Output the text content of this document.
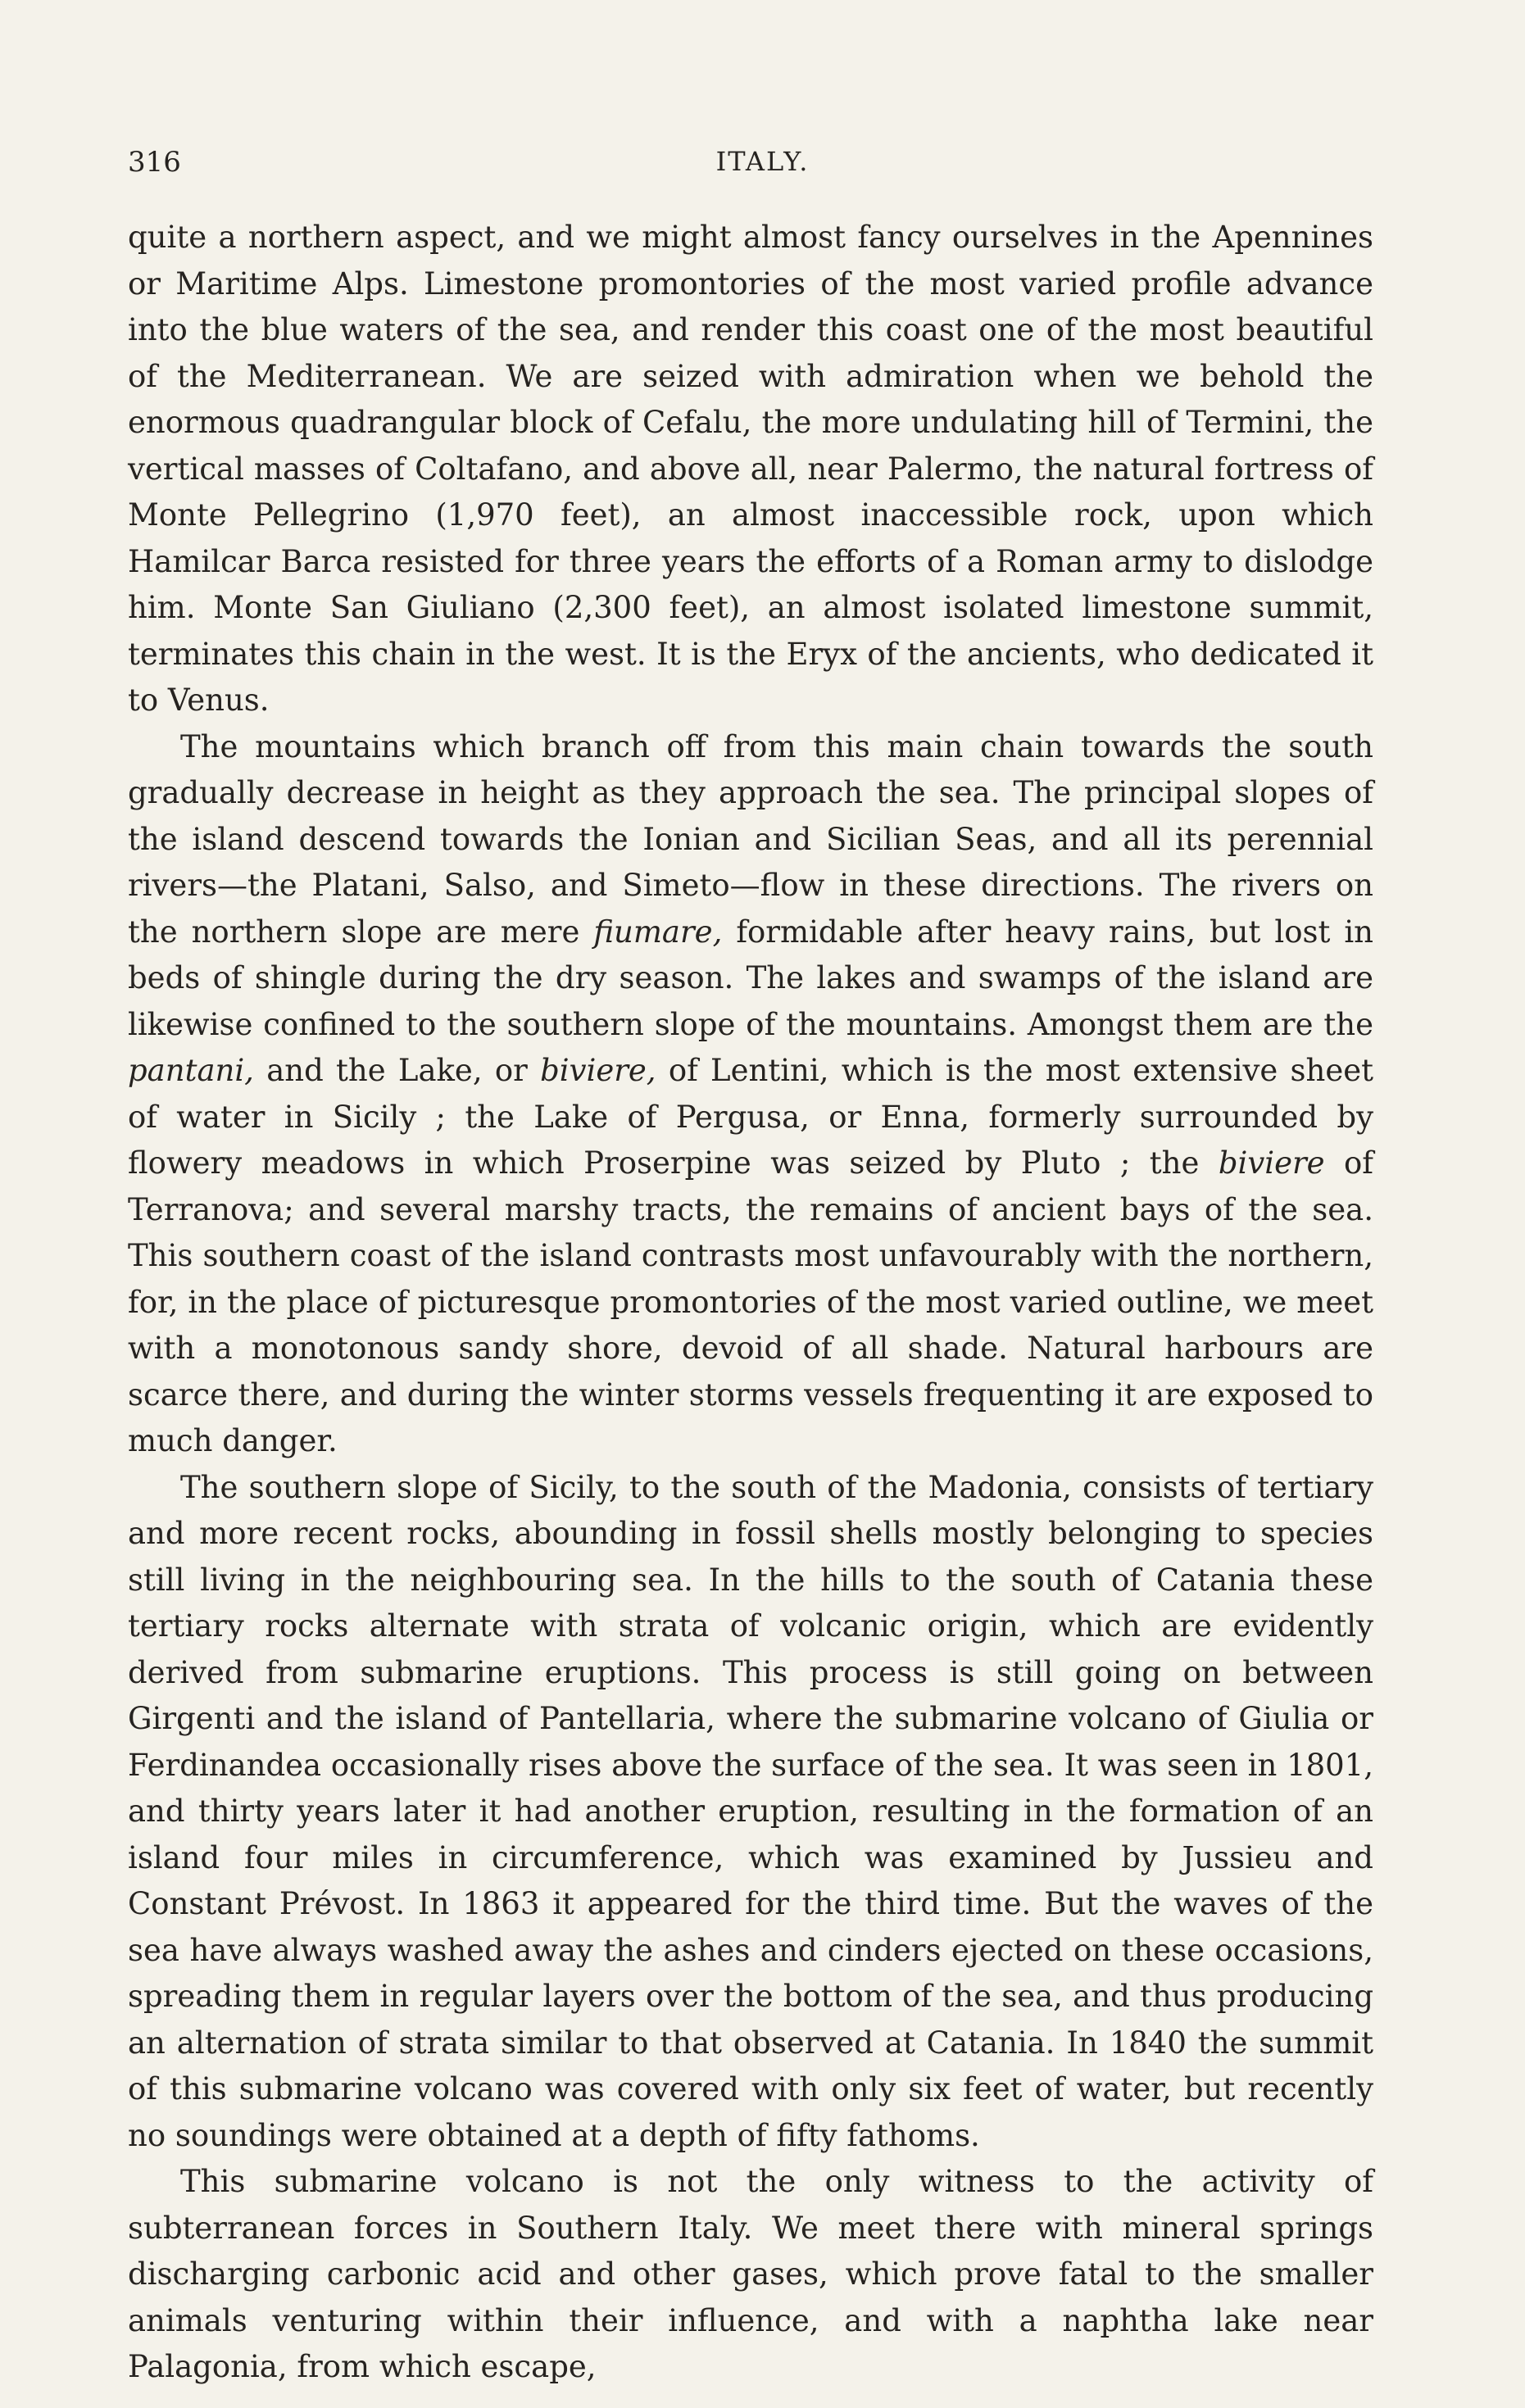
ITALY.
316

quite a northern aspect, and we might almost fancy ourselves in the Apennines or Maritime Alps. Limestone promontories of the most varied profile advance into the blue waters of the sea, and render this coast one of the most beautiful of the Mediterranean. We are seized with admiration when we behold the enormous quadrangular block of Cefalu, the more undulating hill of Termini, the vertical masses of Coltafano, and above all, near Palermo, the natural fortress of Monte Pellegrino (1,970 feet), an almost inaccessible rock, upon which Hamilcar Barca resisted for three years the efforts of a Roman army to dislodge him. Monte San Giuliano (2,300 feet), an almost isolated limestone summit, terminates this chain in the west. It is the Eryx of the ancients, who dedicated it to Venus.

The mountains which branch off from this main chain towards the south gradually decrease in height as they approach the sea. The principal slopes of the island descend towards the Ionian and Sicilian Seas, and all its perennial rivers—the Platani, Salso, and Simeto—flow in these directions. The rivers on the northern slope are mere fiumare, formidable after heavy rains, but lost in beds of shingle during the dry season. The lakes and swamps of the island are likewise confined to the southern slope of the mountains. Amongst them are the pantani, and the Lake, or biviere, of Lentini, which is the most extensive sheet of water in Sicily ; the Lake of Pergusa, or Enna, formerly surrounded by flowery meadows in which Proserpine was seized by Pluto ; the biviere of Terranova; and several marshy tracts, the remains of ancient bays of the sea. This southern coast of the island contrasts most unfavourably with the northern, for, in the place of picturesque promontories of the most varied outline, we meet with a monotonous sandy shore, devoid of all shade. Natural harbours are scarce there, and during the winter storms vessels frequenting it are exposed to much danger.

The southern slope of Sicily, to the south of the Madonia, consists of tertiary and more recent rocks, abounding in fossil shells mostly belonging to species still living in the neighbouring sea. In the hills to the south of Catania these tertiary rocks alternate with strata of volcanic origin, which are evidently derived from submarine eruptions. This process is still going on between Girgenti and the island of Pantellaria, where the submarine volcano of Giulia or Ferdinandea occasionally rises above the surface of the sea. It was seen in 1801, and thirty years later it had another eruption, resulting in the formation of an island four miles in circumference, which was examined by Jussieu and Constant Prévost. In 1863 it appeared for the third time. But the waves of the sea have always washed away the ashes and cinders ejected on these occasions, spreading them in regular layers over the bottom of the sea, and thus producing an alternation of strata similar to that observed at Catania. In 1840 the summit of this submarine volcano was covered with only six feet of water, but recently no soundings were obtained at a depth of fifty fathoms.

This submarine volcano is not the only witness to the activity of subterranean forces in Southern Italy. We meet there with mineral springs discharging carbonic acid and other gases, which prove fatal to the smaller animals venturing within their influence, and with a naphtha lake near Palagonia, from which escape,
